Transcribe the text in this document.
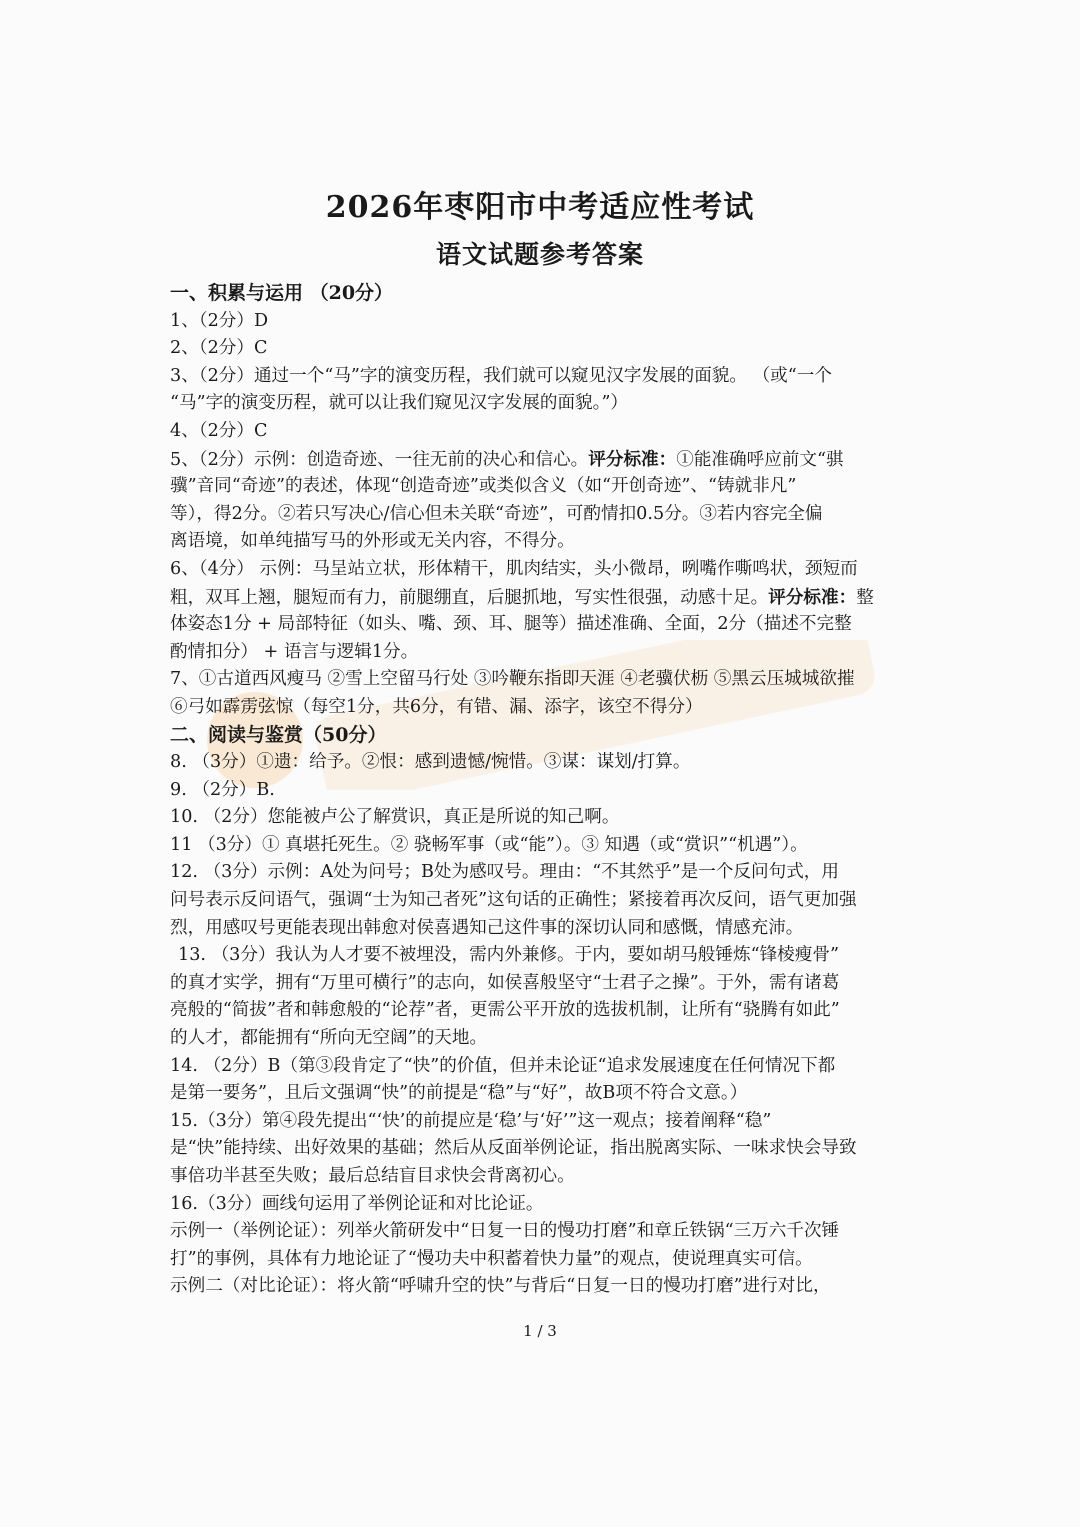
2026年枣阳市中考适应性考试
语文试题参考答案
一、积累与运用 （20分）
1、（2分）D
2、（2分）C
3、（2分）通过一个“马”字的演变历程，我们就可以窥见汉字发展的面貌。 （或“一个
“马”字的演变历程，就可以让我们窥见汉字发展的面貌。”）
4、（2分）C
5、（2分）示例：创造奇迹、一往无前的决心和信心。评分标准：①能准确呼应前文“骐
骥”音同“奇迹”的表述，体现“创造奇迹”或类似含义（如“开创奇迹”、“铸就非凡”
等），得2分。②若只写决心/信心但未关联“奇迹”，可酌情扣0.5分。③若内容完全偏
离语境，如单纯描写马的外形或无关内容，不得分。
6、（4分） 示例：马呈站立状，形体精干，肌肉结实，头小微昂，咧嘴作嘶鸣状，颈短而
粗，双耳上翘，腿短而有力，前腿绷直，后腿抓地，写实性很强，动感十足。评分标准：整
体姿态1分 + 局部特征（如头、嘴、颈、耳、腿等）描述准确、全面，2分（描述不完整
酌情扣分） + 语言与逻辑1分。
7、①古道西风瘦马 ②雪上空留马行处 ③吟鞭东指即天涯 ④老骥伏枥 ⑤黑云压城城欲摧
⑥弓如霹雳弦惊（每空1分，共6分，有错、漏、添字，该空不得分）
二、阅读与鉴赏（50分）
8. （3分）①遗：给予。②恨：感到遗憾/惋惜。③谋：谋划/打算。
9. （2分）B.
10. （2分）您能被卢公了解赏识，真正是所说的知己啊。
11 （3分）① 真堪托死生。② 骁畅军事（或“能”）。③ 知遇（或“赏识”“机遇”）。
12. （3分）示例：A处为问号；B处为感叹号。理由：“不其然乎”是一个反问句式，用
问号表示反问语气，强调“士为知己者死”这句话的正确性；紧接着再次反问，语气更加强
烈，用感叹号更能表现出韩愈对侯喜遇知己这件事的深切认同和感慨，情感充沛。
13. （3分）我认为人才要不被埋没，需内外兼修。于内，要如胡马般锤炼“锋棱瘦骨”
的真才实学，拥有“万里可横行”的志向，如侯喜般坚守“士君子之操”。于外，需有诸葛
亮般的“简拔”者和韩愈般的“论荐”者，更需公平开放的选拔机制，让所有“骁腾有如此”
的人才，都能拥有“所向无空阔”的天地。
14. （2分）B（第③段肯定了“快”的价值，但并未论证“追求发展速度在任何情况下都
是第一要务”，且后文强调“快”的前提是“稳”与“好”，故B项不符合文意。）
15.（3分）第④段先提出“‘快’的前提应是‘稳’与‘好’”这一观点；接着阐释“稳”
是“快”能持续、出好效果的基础；然后从反面举例论证，指出脱离实际、一味求快会导致
事倍功半甚至失败；最后总结盲目求快会背离初心。
16.（3分）画线句运用了举例论证和对比论证。
示例一（举例论证）：列举火箭研发中“日复一日的慢功打磨”和章丘铁锅“三万六千次锤
打”的事例，具体有力地论证了“慢功夫中积蓄着快力量”的观点，使说理真实可信。
示例二（对比论证）：将火箭“呼啸升空的快”与背后“日复一日的慢功打磨”进行对比，
1 / 3
